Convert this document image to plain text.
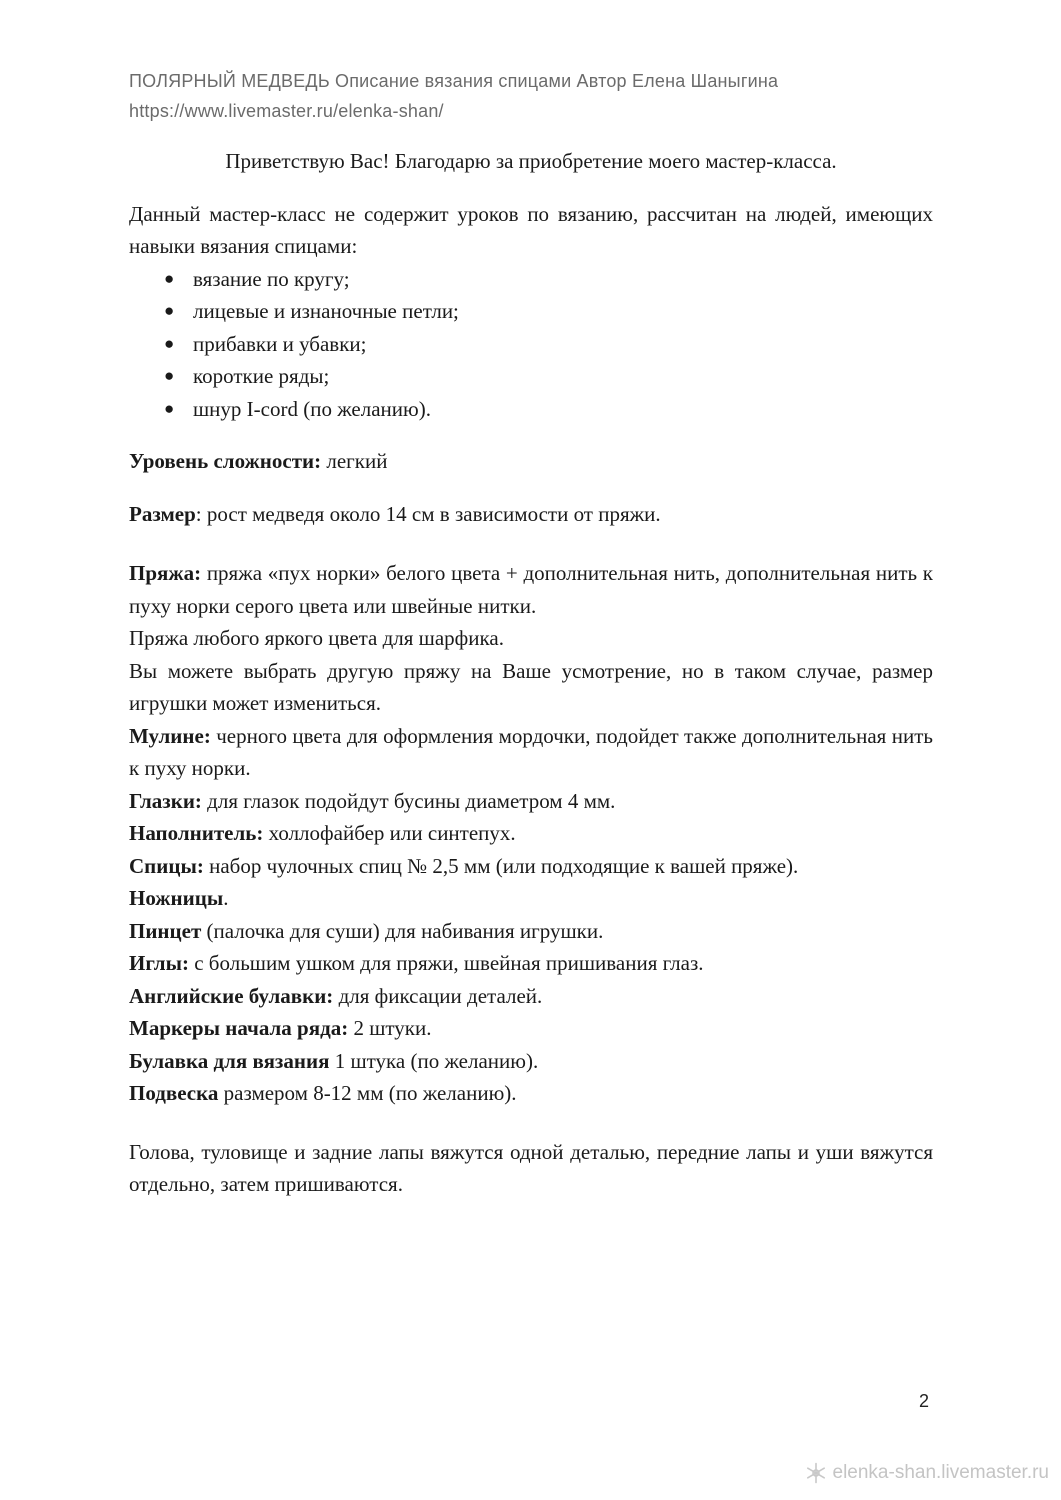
ПОЛЯРНЫЙ МЕДВЕДЬ Описание вязания спицами Автор Елена Шаныгина
https://www.livemaster.ru/elenka-shan/

Приветствую Вас! Благодарю за приобретение моего мастер-класса.

Данный мастер-класс не содержит уроков по вязанию, рассчитан на людей, имеющих навыки вязания спицами:

● вязание по кругу;
● лицевые и изнаночные петли;
● прибавки и убавки;
● короткие ряды;
● шнур I-cord (по желанию).

Уровень сложности: легкий

Размер: рост медведя около 14 см в зависимости от пряжи.

Пряжа: пряжа «пух норки» белого цвета + дополнительная нить, дополнительная нить к пуху норки серого цвета или швейные нитки.

Пряжа любого яркого цвета для шарфика.

Вы можете выбрать другую пряжу на Ваше усмотрение, но в таком случае, размер игрушки может измениться.

Мулине: черного цвета для оформления мордочки, подойдет также дополнительная нить к пуху норки.

Глазки: для глазок подойдут бусины диаметром 4 мм.

Наполнитель: холлофайбер или синтепух.

Спицы: набор чулочных спиц № 2,5 мм (или подходящие к вашей пряже).

Ножницы.

Пинцет (палочка для суши) для набивания игрушки.

Иглы: с большим ушком для пряжи, швейная пришивания глаз.

Английские булавки: для фиксации деталей.

Маркеры начала ряда: 2 штуки.

Булавка для вязания 1 штука (по желанию).

Подвеска размером 8-12 мм (по желанию).

Голова, туловище и задние лапы вяжутся одной деталью, передние лапы и уши вяжутся отдельно, затем пришиваются.

2
elenka-shan.livemaster.ru
